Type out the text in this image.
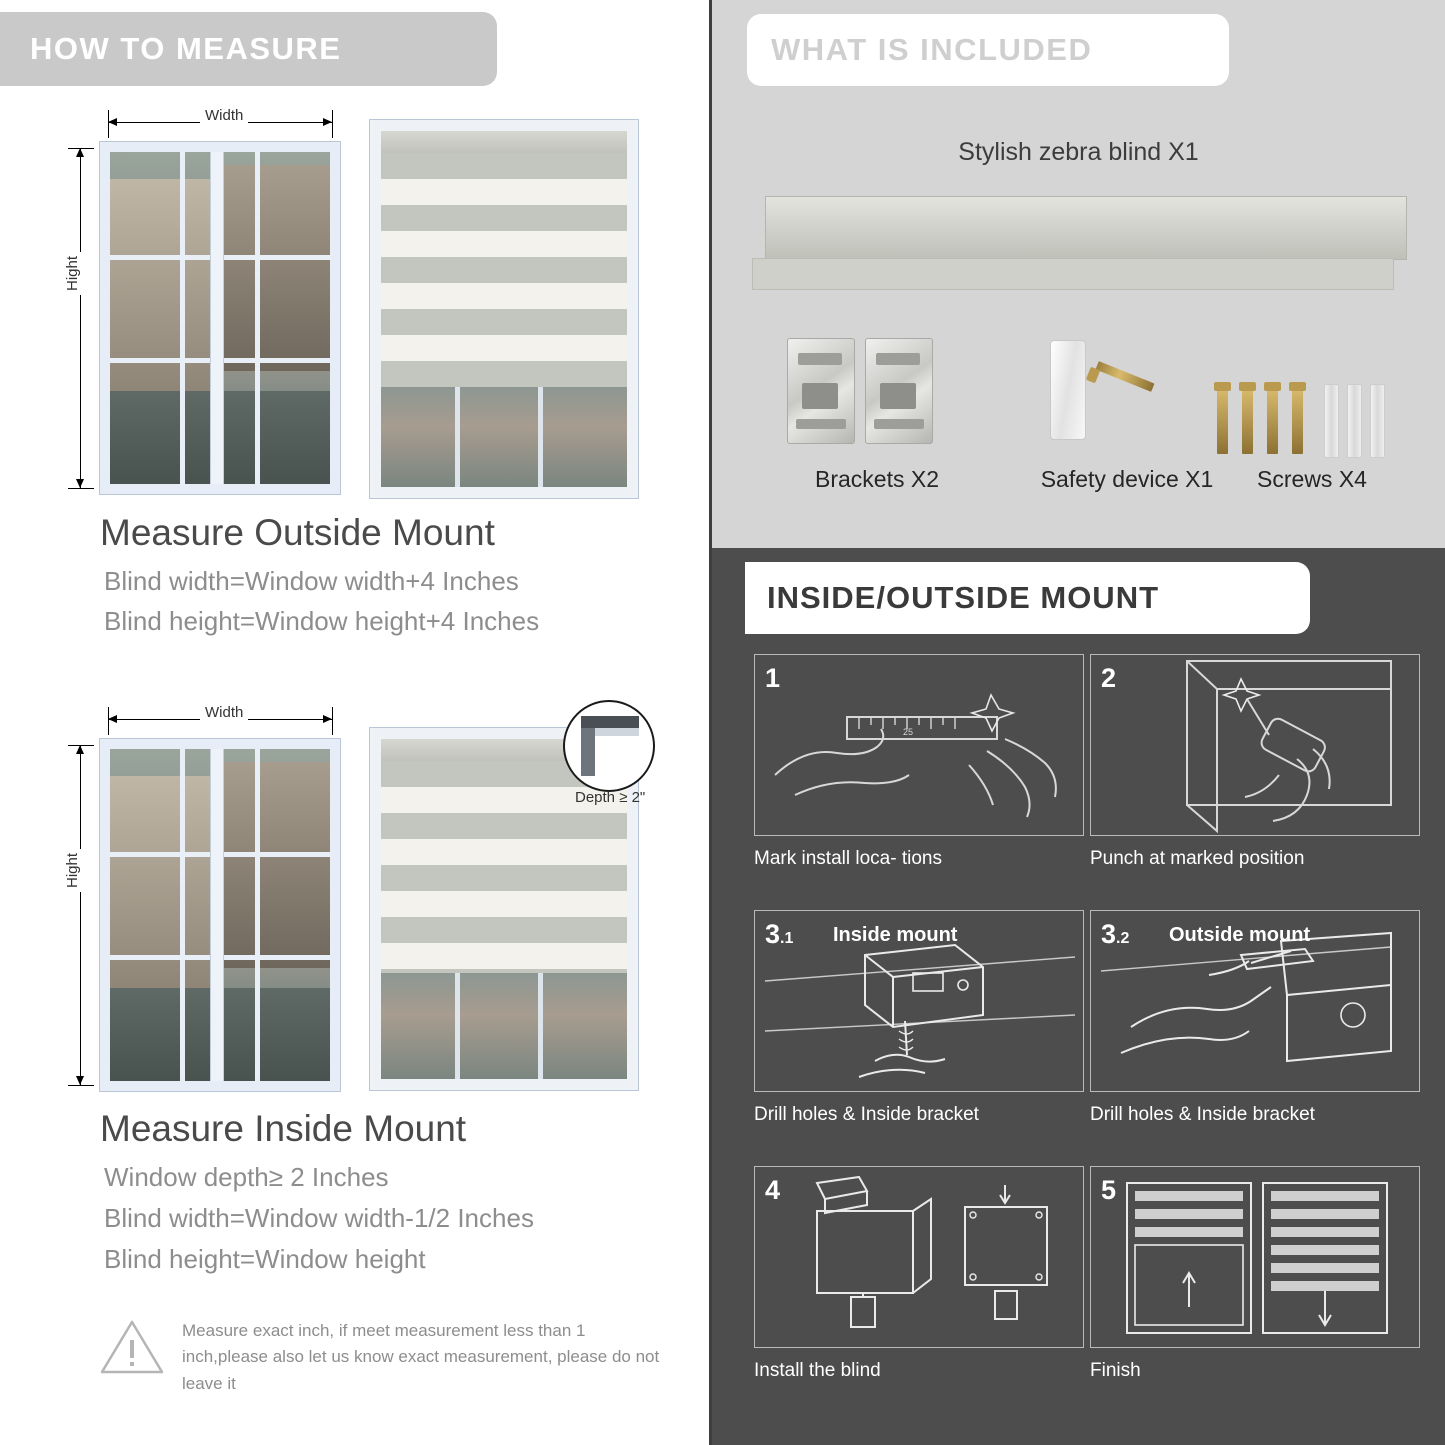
HOW TO MEASURE
Width
Hight
Measure Outside Mount
Blind width=Window width+4 Inches
Blind height=Window height+4 Inches
Width
Hight
Depth ≥ 2"
Measure Inside Mount
Window depth≥ 2 Inches
Blind width=Window width-1/2 Inches
Blind height=Window height
Measure exact inch, if meet measurement less than 1 inch,please also let us know exact measurement, please do not leave it
WHAT IS INCLUDED
Stylish zebra blind X1
Brackets X2	Safety device X1	Screws X4
INSIDE/OUTSIDE MOUNT
25
1
Mark install loca- tions
2
Punch at marked position
3.1 Inside mount
Drill holes & Inside bracket
3.2 Outside mount
Drill holes & Inside bracket
4
Install the blind
5
Finish
